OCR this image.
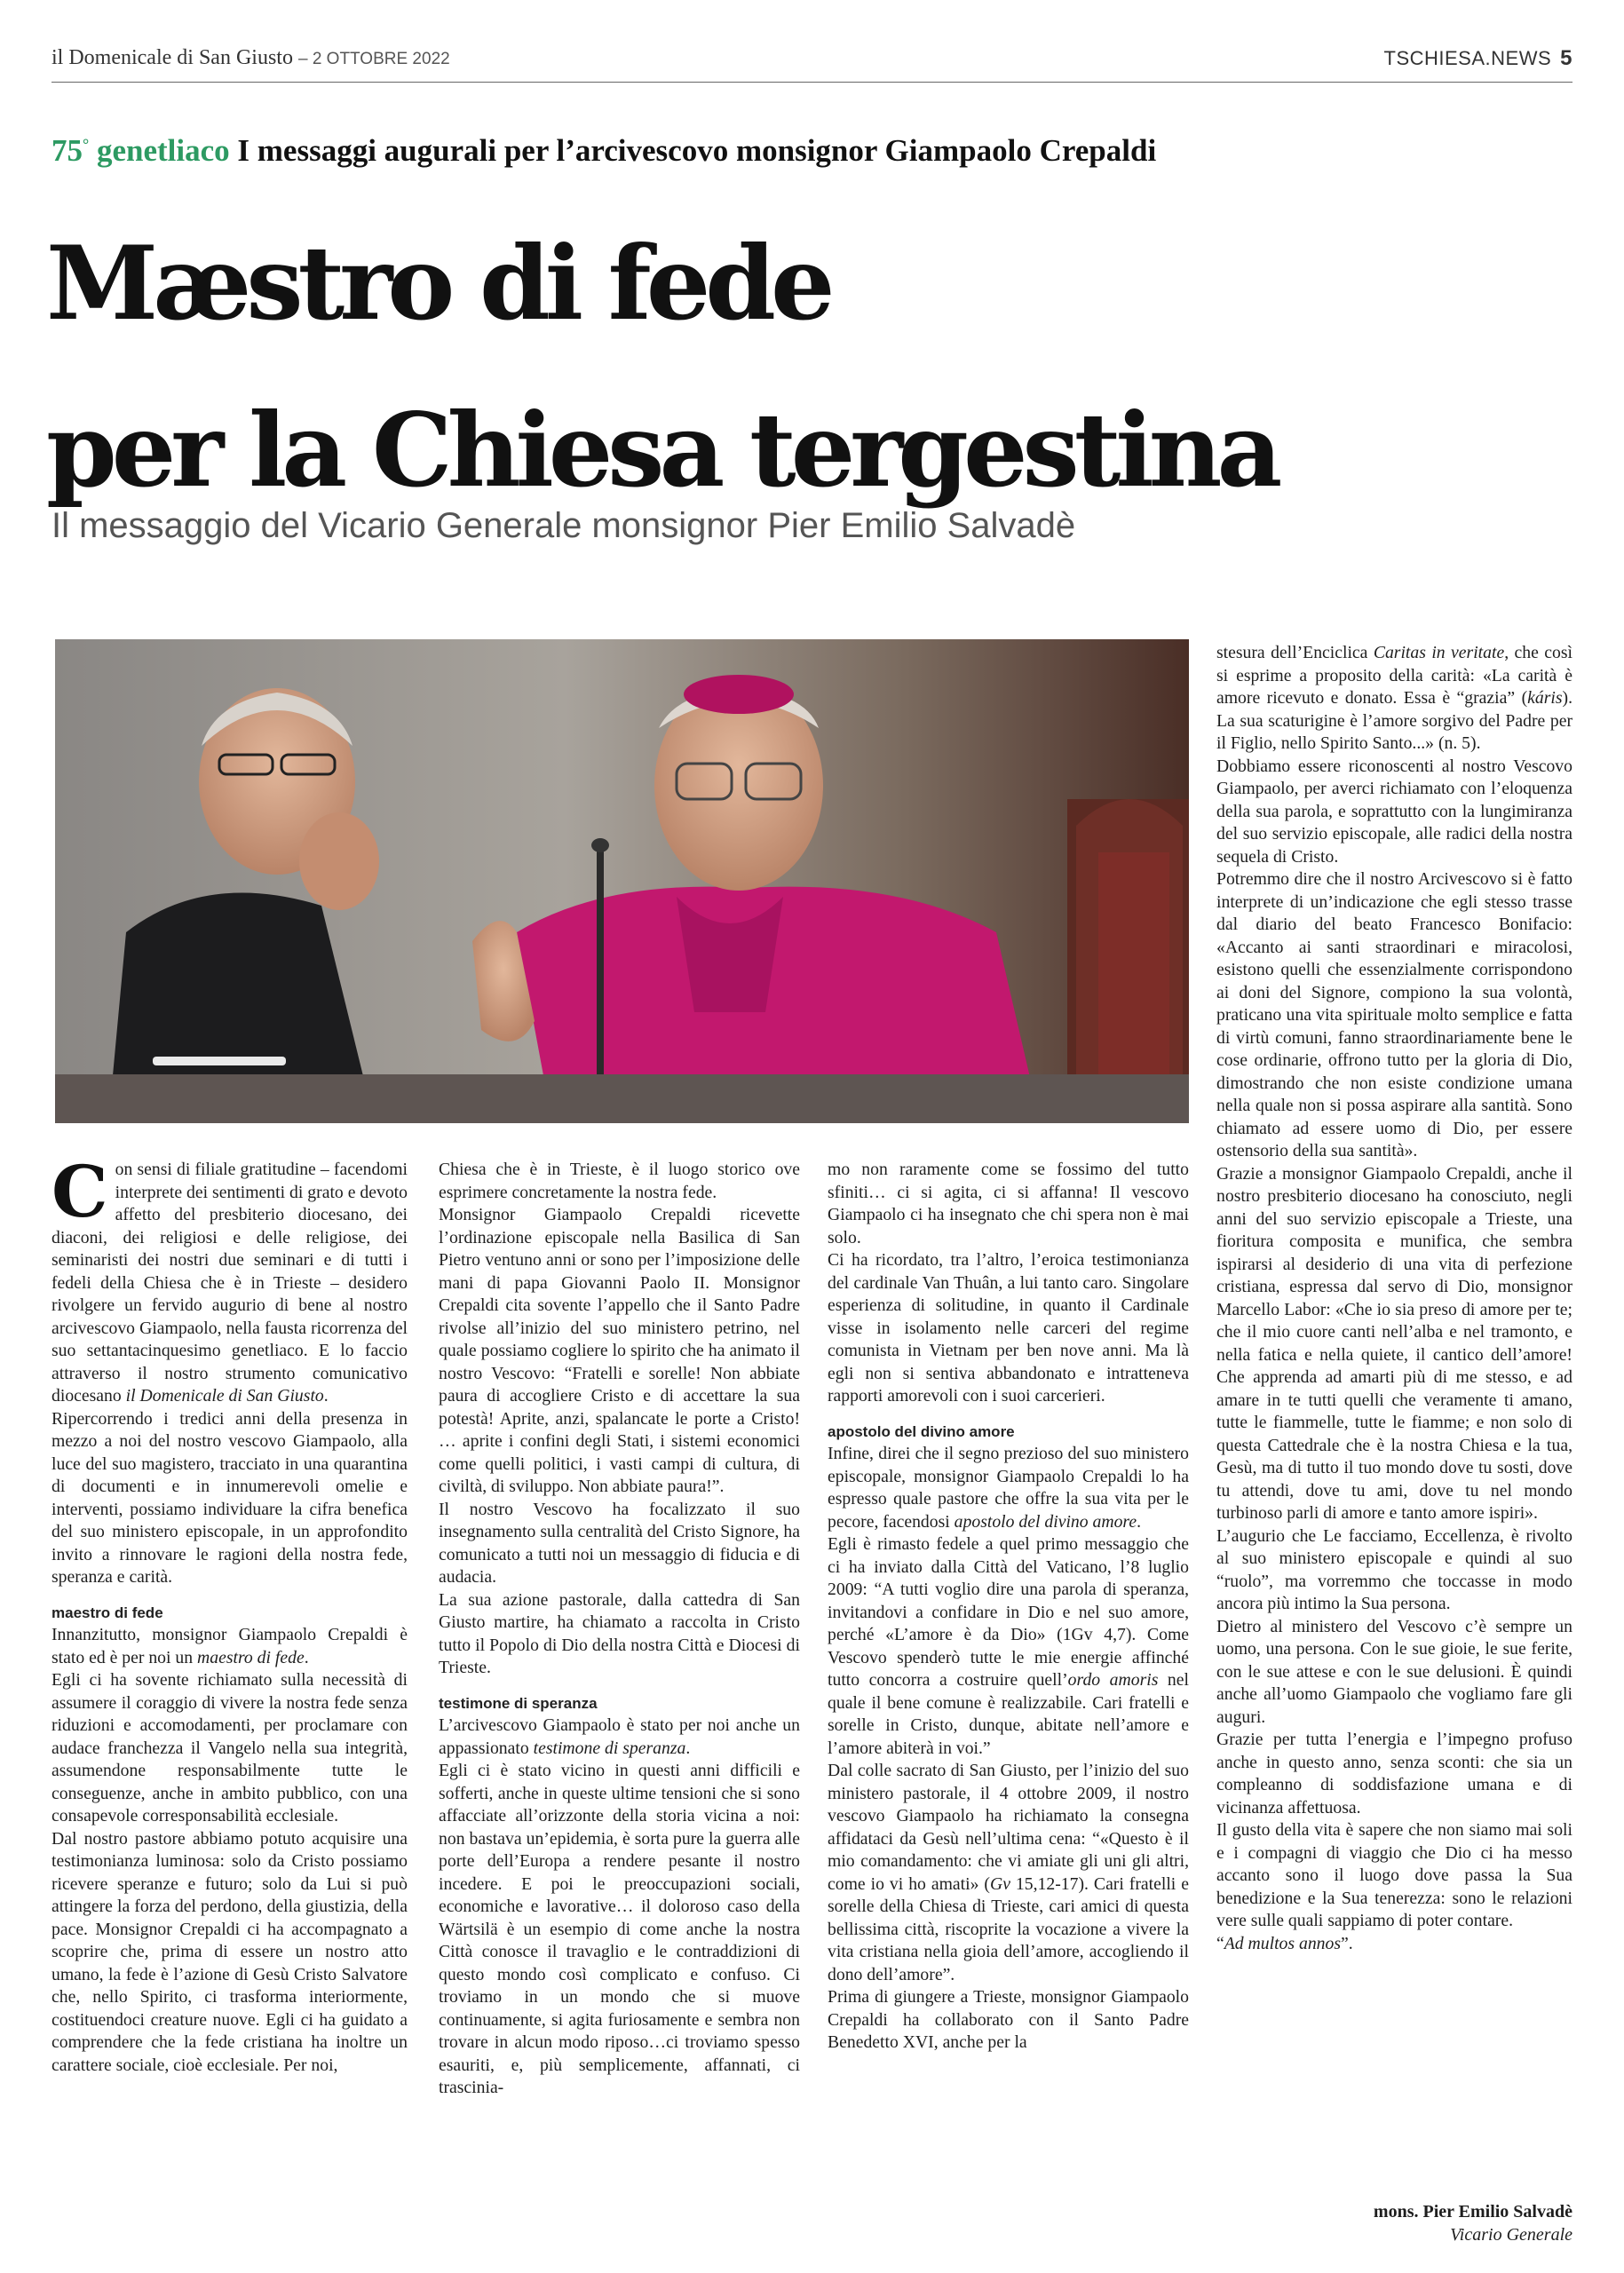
il Domenicale di San Giusto – 2 OTTOBRE 2022	TSCHIESA.NEWS 5
75° genetliaco I messaggi augurali per l’arcivescovo monsignor Giampaolo Crepaldi
Mæstro di fede
per la Chiesa tergestina
Il messaggio del Vicario Generale monsignor Pier Emilio Salvadè

Con sensi di filiale gratitudine – facendomi interprete dei sentimenti di grato e devoto affetto del presbiterio diocesano, dei diaconi, dei religiosi e delle religiose, dei seminaristi dei nostri due seminari e di tutti i fedeli della Chiesa che è in Trieste – desidero rivolgere un fervido augurio di bene al nostro arcivescovo Giampaolo, nella fausta ricorrenza del suo settantacinquesimo genetliaco. E lo faccio attraverso il nostro strumento comunicativo diocesano il Domenicale di San Giusto.

Ripercorrendo i tredici anni della presenza in mezzo a noi del nostro vescovo Giampaolo, alla luce del suo magistero, tracciato in una quarantina di documenti e in innumerevoli omelie e interventi, possiamo individuare la cifra benefica del suo ministero episcopale, in un approfondito invito a rinnovare le ragioni della nostra fede, speranza e carità.

maestro di fede

Innanzitutto, monsignor Giampaolo Crepaldi è stato ed è per noi un maestro di fede.

Egli ci ha sovente richiamato sulla necessità di assumere il coraggio di vivere la nostra fede senza riduzioni e accomodamenti, per proclamare con audace franchezza il Vangelo nella sua integrità, assumendone responsabilmente tutte le conseguenze, anche in ambito pubblico, con una consapevole corresponsabilità ecclesiale.

Dal nostro pastore abbiamo potuto acquisire una testimonianza luminosa: solo da Cristo possiamo ricevere speranze e futuro; solo da Lui si può attingere la forza del perdono, della giustizia, della pace. Monsignor Crepaldi ci ha accompagnato a scoprire che, prima di essere un nostro atto umano, la fede è l’azione di Gesù Cristo Salvatore che, nello Spirito, ci trasforma interiormente, costituendoci creature nuove. Egli ci ha guidato a comprendere che la fede cristiana ha inoltre un carattere sociale, cioè ecclesiale. Per noi,

Chiesa che è in Trieste, è il luogo storico ove esprimere concretamente la nostra fede.

Monsignor Giampaolo Crepaldi ricevette l’ordinazione episcopale nella Basilica di San Pietro ventuno anni or sono per l’imposizione delle mani di papa Giovanni Paolo II. Monsignor Crepaldi cita sovente l’appello che il Santo Padre rivolse all’inizio del suo ministero petrino, nel quale possiamo cogliere lo spirito che ha animato il nostro Vescovo: “Fratelli e sorelle! Non abbiate paura di accogliere Cristo e di accettare la sua potestà! Aprite, anzi, spalancate le porte a Cristo! … aprite i confini degli Stati, i sistemi economici come quelli politici, i vasti campi di cultura, di civiltà, di sviluppo. Non abbiate paura!”.

Il nostro Vescovo ha focalizzato il suo insegnamento sulla centralità del Cristo Signore, ha comunicato a tutti noi un messaggio di fiducia e di audacia.

La sua azione pastorale, dalla cattedra di San Giusto martire, ha chiamato a raccolta in Cristo tutto il Popolo di Dio della nostra Città e Diocesi di Trieste.

testimone di speranza

L’arcivescovo Giampaolo è stato per noi anche un appassionato testimone di speranza.

Egli ci è stato vicino in questi anni difficili e sofferti, anche in queste ultime tensioni che si sono affacciate all’orizzonte della storia vicina a noi: non bastava un’epidemia, è sorta pure la guerra alle porte dell’Europa a rendere pesante il nostro incedere. E poi le preoccupazioni sociali, economiche e lavorative… il doloroso caso della Wärtsilä è un esempio di come anche la nostra Città conosce il travaglio e le contraddizioni di questo mondo così complicato e confuso. Ci troviamo in un mondo che si muove continuamente, si agita furiosamente e sembra non trovare in alcun modo riposo…ci troviamo spesso esauriti, e, più semplicemente, affannati, ci trascinia-

mo non raramente come se fossimo del tutto sfiniti… ci si agita, ci si affanna! Il vescovo Giampaolo ci ha insegnato che chi spera non è mai solo.

Ci ha ricordato, tra l’altro, l’eroica testimonianza del cardinale Van Thuân, a lui tanto caro. Singolare esperienza di solitudine, in quanto il Cardinale visse in isolamento nelle carceri del regime comunista in Vietnam per ben nove anni. Ma là egli non si sentiva abbandonato e intratteneva rapporti amorevoli con i suoi carcerieri.

apostolo del divino amore

Infine, direi che il segno prezioso del suo ministero episcopale, monsignor Giampaolo Crepaldi lo ha espresso quale pastore che offre la sua vita per le pecore, facendosi apostolo del divino amore.

Egli è rimasto fedele a quel primo messaggio che ci ha inviato dalla Città del Vaticano, l’8 luglio 2009: “A tutti voglio dire una parola di speranza, invitandovi a confidare in Dio e nel suo amore, perché «L’amore è da Dio» (1Gv 4,7). Come Vescovo spenderò tutte le mie energie affinché tutto concorra a costruire quell’ordo amoris nel quale il bene comune è realizzabile. Cari fratelli e sorelle in Cristo, dunque, abitate nell’amore e l’amore abiterà in voi.”

Dal colle sacrato di San Giusto, per l’inizio del suo ministero pastorale, il 4 ottobre 2009, il nostro vescovo Giampaolo ha richiamato la consegna affidataci da Gesù nell’ultima cena: “«Questo è il mio comandamento: che vi amiate gli uni gli altri, come io vi ho amati» (Gv 15,12-17). Cari fratelli e sorelle della Chiesa di Trieste, cari amici di questa bellissima città, riscoprite la vocazione a vivere la vita cristiana nella gioia dell’amore, accogliendo il dono dell’amore”.

Prima di giungere a Trieste, monsignor Giampaolo Crepaldi ha collaborato con il Santo Padre Benedetto XVI, anche per la

stesura dell’Enciclica Caritas in veritate, che così si esprime a proposito della carità: «La carità è amore ricevuto e donato. Essa è “grazia” (káris). La sua scaturigine è l’amore sorgivo del Padre per il Figlio, nello Spirito Santo...» (n. 5).

Dobbiamo essere riconoscenti al nostro Vescovo Giampaolo, per averci richiamato con l’eloquenza della sua parola, e soprattutto con la lungimiranza del suo servizio episcopale, alle radici della nostra sequela di Cristo.

Potremmo dire che il nostro Arcivescovo si è fatto interprete di un’indicazione che egli stesso trasse dal diario del beato Francesco Bonifacio: «Accanto ai santi straordinari e miracolosi, esistono quelli che essenzialmente corrispondono ai doni del Signore, compiono la sua volontà, praticano una vita spirituale molto semplice e fatta di virtù comuni, fanno straordinariamente bene le cose ordinarie, offrono tutto per la gloria di Dio, dimostrando che non esiste condizione umana nella quale non si possa aspirare alla santità. Sono chiamato ad essere uomo di Dio, per essere ostensorio della sua santità».

Grazie a monsignor Giampaolo Crepaldi, anche il nostro presbiterio diocesano ha conosciuto, negli anni del suo servizio episcopale a Trieste, una fioritura composita e munifica, che sembra ispirarsi al desiderio di una vita di perfezione cristiana, espressa dal servo di Dio, monsignor Marcello Labor: «Che io sia preso di amore per te; che il mio cuore canti nell’alba e nel tramonto, e nella fatica e nella quiete, il cantico dell’amore! Che apprenda ad amarti più di me stesso, e ad amare in te tutti quelli che veramente ti amano, tutte le fiammelle, tutte le fiamme; e non solo di questa Cattedrale che è la nostra Chiesa e la tua, Gesù, ma di tutto il tuo mondo dove tu sosti, dove tu attendi, dove tu ami, dove tu nel mondo turbinoso parli di amore e tanto amore ispiri».

L’augurio che Le facciamo, Eccellenza, è rivolto al suo ministero episcopale e quindi al suo “ruolo”, ma vorremmo che toccasse in modo ancora più intimo la Sua persona.

Dietro al ministero del Vescovo c’è sempre un uomo, una persona. Con le sue gioie, le sue ferite, con le sue attese e con le sue delusioni. È quindi anche all’uomo Giampaolo che vogliamo fare gli auguri.

Grazie per tutta l’energia e l’impegno profuso anche in questo anno, senza sconti: che sia un compleanno di soddisfazione umana e di vicinanza affettuosa.

Il gusto della vita è sapere che non siamo mai soli e i compagni di viaggio che Dio ci ha messo accanto sono il luogo dove passa la Sua benedizione e la Sua tenerezza: sono le relazioni vere sulle quali sappiamo di poter contare.

“Ad multos annos”.

mons. Pier Emilio Salvadè
Vicario Generale
